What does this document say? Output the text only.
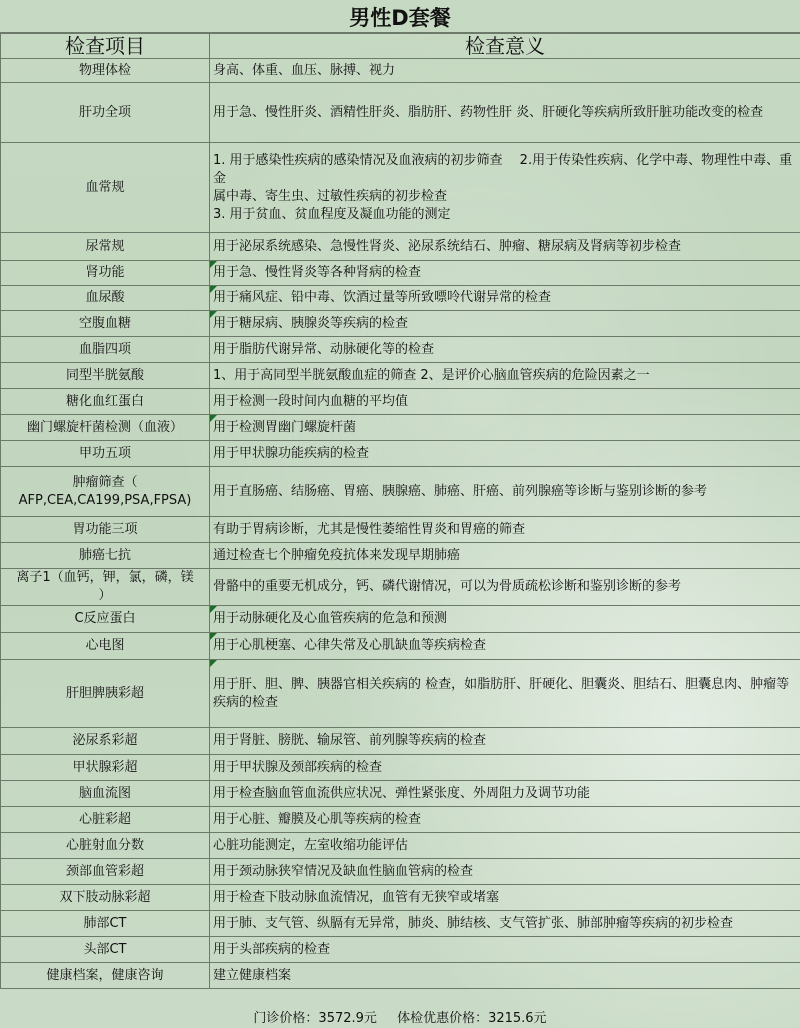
男性D套餐
检查项目	检查意义
物理体检	身高、体重、血压、脉搏、视力
肝功全项	用于急、慢性肝炎、酒精性肝炎、脂肪肝、药物性肝 炎、肝硬化等疾病所致肝脏功能改变的检查
血常规	1. 用于感染性疾病的感染情况及血液病的初步筛查　 2.用于传染性疾病、化学中毒、物理性中毒、重金
属中毒、寄生虫、过敏性疾病的初步检查
3. 用于贫血、贫血程度及凝血功能的测定
尿常规	用于泌尿系统感染、急慢性肾炎、泌尿系统结石、肿瘤、糖尿病及肾病等初步检查
肾功能	用于急、慢性肾炎等各种肾病的检查
血尿酸	用于痛风症、铅中毒、饮酒过量等所致嘌呤代谢异常的检查
空腹血糖	用于糖尿病、胰腺炎等疾病的检查
血脂四项	用于脂肪代谢异常、动脉硬化等的检查
同型半胱氨酸	1、用于高同型半胱氨酸血症的筛查 2、是评价心脑血管疾病的危险因素之一
糖化血红蛋白	用于检测一段时间内血糖的平均值
幽门螺旋杆菌检测（血液）	用于检测胃幽门螺旋杆菌
甲功五项	用于甲状腺功能疾病的检查
肿瘤筛查（
AFP,CEA,CA199,PSA,FPSA)	用于直肠癌、结肠癌、胃癌、胰腺癌、肺癌、肝癌、前列腺癌等诊断与鉴别诊断的参考
胃功能三项	有助于胃病诊断，尤其是慢性萎缩性胃炎和胃癌的筛查
肺癌七抗	通过检查七个肿瘤免疫抗体来发现早期肺癌
离子1（血钙，钾，氯，磷，镁
）	骨骼中的重要无机成分，钙、磷代谢情况，可以为骨质疏松诊断和鉴别诊断的参考
C反应蛋白	用于动脉硬化及心血管疾病的危急和预测
心电图	用于心肌梗塞、心律失常及心肌缺血等疾病检查
肝胆脾胰彩超	用于肝、胆、脾、胰器官相关疾病的 检查，如脂肪肝、肝硬化、胆囊炎、胆结石、胆囊息肉、肿瘤等疾病的检查
泌尿系彩超	用于肾脏、膀胱、输尿管、前列腺等疾病的检查
甲状腺彩超	用于甲状腺及颈部疾病的检查
脑血流图	用于检查脑血管血流供应状况、弹性紧张度、外周阻力及调节功能
心脏彩超	用于心脏、瓣膜及心肌等疾病的检查
心脏射血分数	心脏功能测定，左室收缩功能评估
颈部血管彩超	用于颈动脉狭窄情况及缺血性脑血管病的检查
双下肢动脉彩超	用于检查下肢动脉血流情况，血管有无狭窄或堵塞
肺部CT	用于肺、支气管、纵膈有无异常，肺炎、肺结核、支气管扩张、肺部肿瘤等疾病的初步检查
头部CT	用于头部疾病的检查
健康档案，健康咨询	建立健康档案
门诊价格：3572.9元 体检优惠价格：3215.6元
